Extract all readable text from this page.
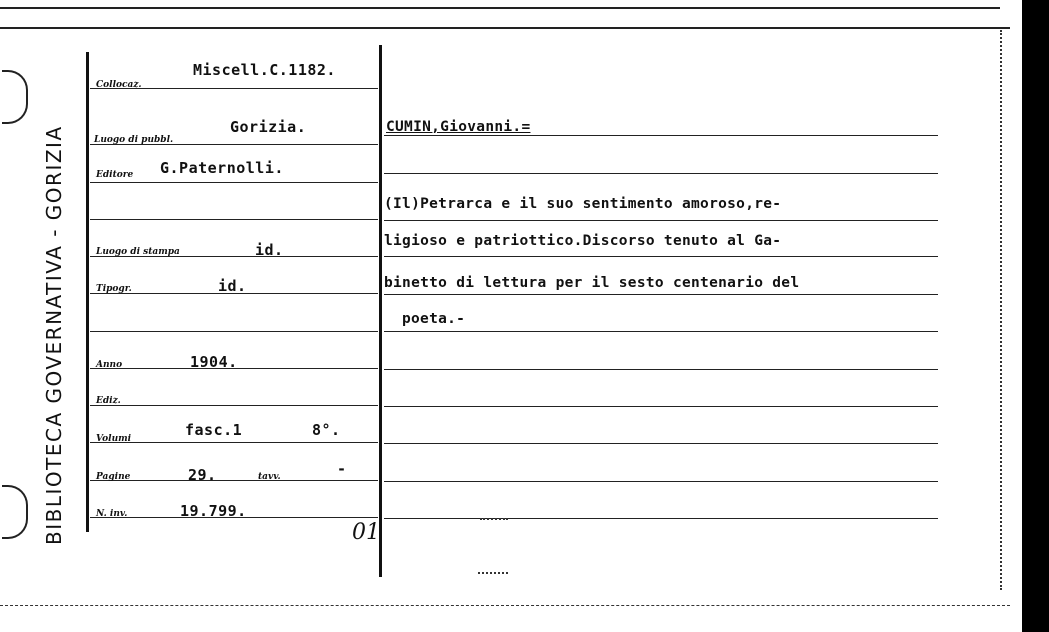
BIBLIOTECA GOVERNATIVA - GORIZIA
Collocaz.
Miscell.C.1182.
Luogo di pubbl.
Gorizia.
Editore G.Paternolli.
Luogo di stampa	id.
Tipogr.	id.
Anno	1904.
Ediz.
Volumi	fasc.1	8°.
Pagine	29.	tavv.	-
N. inv.	19.799.
01
CUMIN,Giovanni.=
(Il)Petrarca e il suo sentimento amoroso,re-
ligioso e patriottico.Discorso tenuto al Ga-
binetto di lettura per il sesto centenario del
poeta.-
